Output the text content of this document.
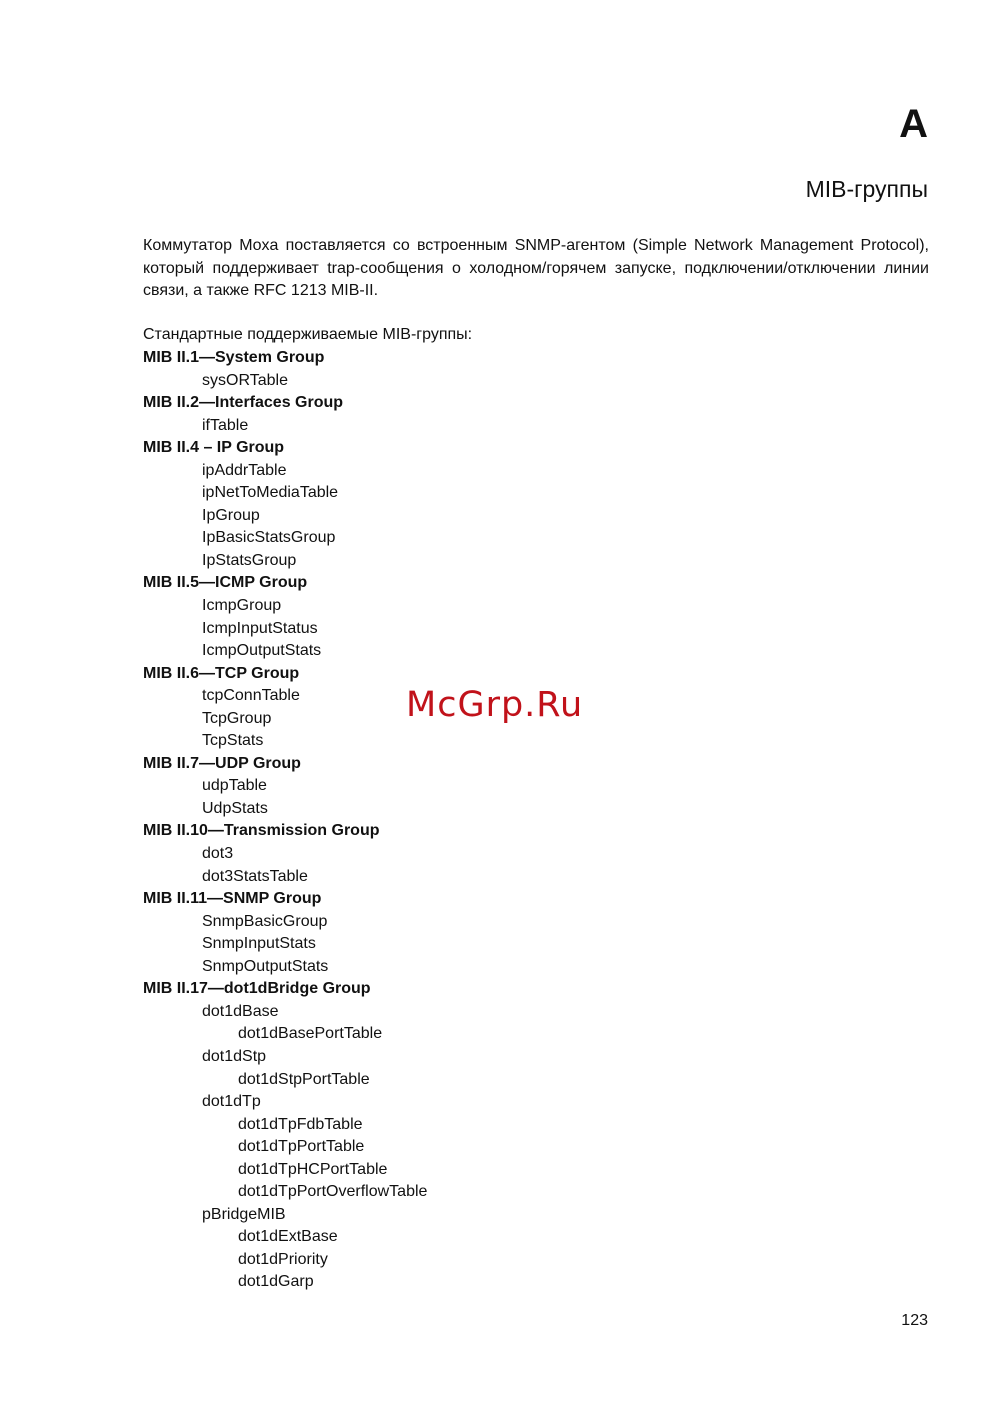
A
MIB-группы

Коммутатор Moxa поставляется со встроенным SNMP-агентом (Simple Network Management Protocol), который поддерживает trap-сообщения о холодном/горячем запуске, подключении/отключении линии связи, а также RFC 1213 MIB-II.

Стандартные поддерживаемые MIB-группы:

MIB II.1—System Group
sysORTable
MIB II.2—Interfaces Group
ifTable
MIB II.4 – IP Group
ipAddrTable
ipNetToMediaTable
IpGroup
IpBasicStatsGroup
IpStatsGroup
MIB II.5—ICMP Group
IcmpGroup
IcmpInputStatus
IcmpOutputStats
MIB II.6—TCP Group
tcpConnTable
TcpGroup
TcpStats
MIB II.7—UDP Group
udpTable
UdpStats
MIB II.10—Transmission Group
dot3
dot3StatsTable
MIB II.11—SNMP Group
SnmpBasicGroup
SnmpInputStats
SnmpOutputStats
MIB II.17—dot1dBridge Group
dot1dBase
dot1dBasePortTable
dot1dStp
dot1dStpPortTable
dot1dTp
dot1dTpFdbTable
dot1dTpPortTable
dot1dTpHCPortTable
dot1dTpPortOverflowTable
pBridgeMIB
dot1dExtBase
dot1dPriority
dot1dGarp
McGrp.Ru
123
